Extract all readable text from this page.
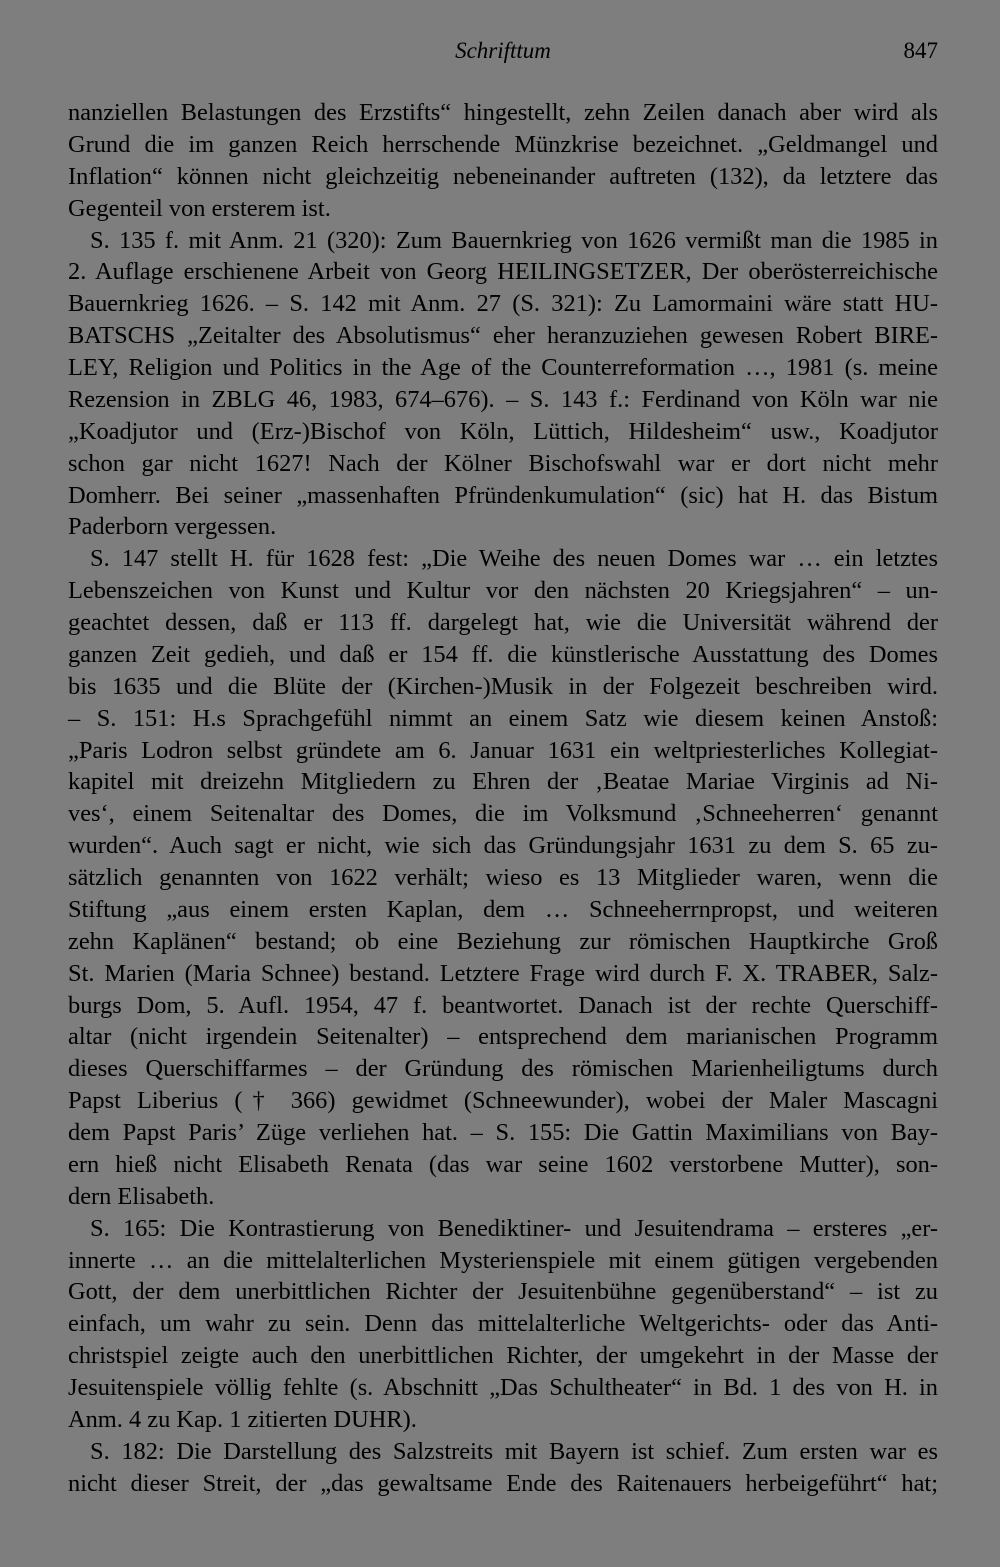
Schrifttum	847
nanziellen Belastungen des Erzstifts“ hingestellt, zehn Zeilen danach aber wird als
Grund die im ganzen Reich herrschende Münzkrise bezeichnet. „Geldmangel und
Inflation“ können nicht gleichzeitig nebeneinander auftreten (132), da letztere das
Gegenteil von ersterem ist.
S. 135 f. mit Anm. 21 (320): Zum Bauernkrieg von 1626 vermißt man die 1985 in
2. Auflage erschienene Arbeit von Georg HEILINGSETZER, Der oberösterreichische
Bauernkrieg 1626. – S. 142 mit Anm. 27 (S. 321): Zu Lamormaini wäre statt HU-
BATSCHS „Zeitalter des Absolutismus“ eher heranzuziehen gewesen Robert BIRE-
LEY, Religion und Politics in the Age of the Counterreformation …, 1981 (s. meine
Rezension in ZBLG 46, 1983, 674–676). – S. 143 f.: Ferdinand von Köln war nie
„Koadjutor und (Erz-)Bischof von Köln, Lüttich, Hildesheim“ usw., Koadjutor
schon gar nicht 1627! Nach der Kölner Bischofswahl war er dort nicht mehr
Domherr. Bei seiner „massenhaften Pfründenkumulation“ (sic) hat H. das Bistum
Paderborn vergessen.
S. 147 stellt H. für 1628 fest: „Die Weihe des neuen Domes war … ein letztes
Lebenszeichen von Kunst und Kultur vor den nächsten 20 Kriegsjahren“ – un-
geachtet dessen, daß er 113 ff. dargelegt hat, wie die Universität während der
ganzen Zeit gedieh, und daß er 154 ff. die künstlerische Ausstattung des Domes
bis 1635 und die Blüte der (Kirchen-)Musik in der Folgezeit beschreiben wird.
– S. 151: H.s Sprachgefühl nimmt an einem Satz wie diesem keinen Anstoß:
„Paris Lodron selbst gründete am 6. Januar 1631 ein weltpriesterliches Kollegiat-
kapitel mit dreizehn Mitgliedern zu Ehren der ‚Beatae Mariae Virginis ad Ni-
ves‘, einem Seitenaltar des Domes, die im Volksmund ‚Schneeherren‘ genannt
wurden“. Auch sagt er nicht, wie sich das Gründungsjahr 1631 zu dem S. 65 zu-
sätzlich genannten von 1622 verhält; wieso es 13 Mitglieder waren, wenn die
Stiftung „aus einem ersten Kaplan, dem … Schneeherrnpropst, und weiteren
zehn Kaplänen“ bestand; ob eine Beziehung zur römischen Hauptkirche Groß
St. Marien (Maria Schnee) bestand. Letztere Frage wird durch F. X. TRABER, Salz-
burgs Dom, 5. Aufl. 1954, 47 f. beantwortet. Danach ist der rechte Querschiff-
altar (nicht irgendein Seitenalter) – entsprechend dem marianischen Programm
dieses Querschiffarmes – der Gründung des römischen Marienheiligtums durch
Papst Liberius († 366) gewidmet (Schneewunder), wobei der Maler Mascagni
dem Papst Paris’ Züge verliehen hat. – S. 155: Die Gattin Maximilians von Bay-
ern hieß nicht Elisabeth Renata (das war seine 1602 verstorbene Mutter), son-
dern Elisabeth.
S. 165: Die Kontrastierung von Benediktiner- und Jesuitendrama – ersteres „er-
innerte … an die mittelalterlichen Mysterienspiele mit einem gütigen vergebenden
Gott, der dem unerbittlichen Richter der Jesuitenbühne gegenüberstand“ – ist zu
einfach, um wahr zu sein. Denn das mittelalterliche Weltgerichts- oder das Anti-
christspiel zeigte auch den unerbittlichen Richter, der umgekehrt in der Masse der
Jesuitenspiele völlig fehlte (s. Abschnitt „Das Schultheater“ in Bd. 1 des von H. in
Anm. 4 zu Kap. 1 zitierten DUHR).
S. 182: Die Darstellung des Salzstreits mit Bayern ist schief. Zum ersten war es
nicht dieser Streit, der „das gewaltsame Ende des Raitenauers herbeigeführt“ hat;
